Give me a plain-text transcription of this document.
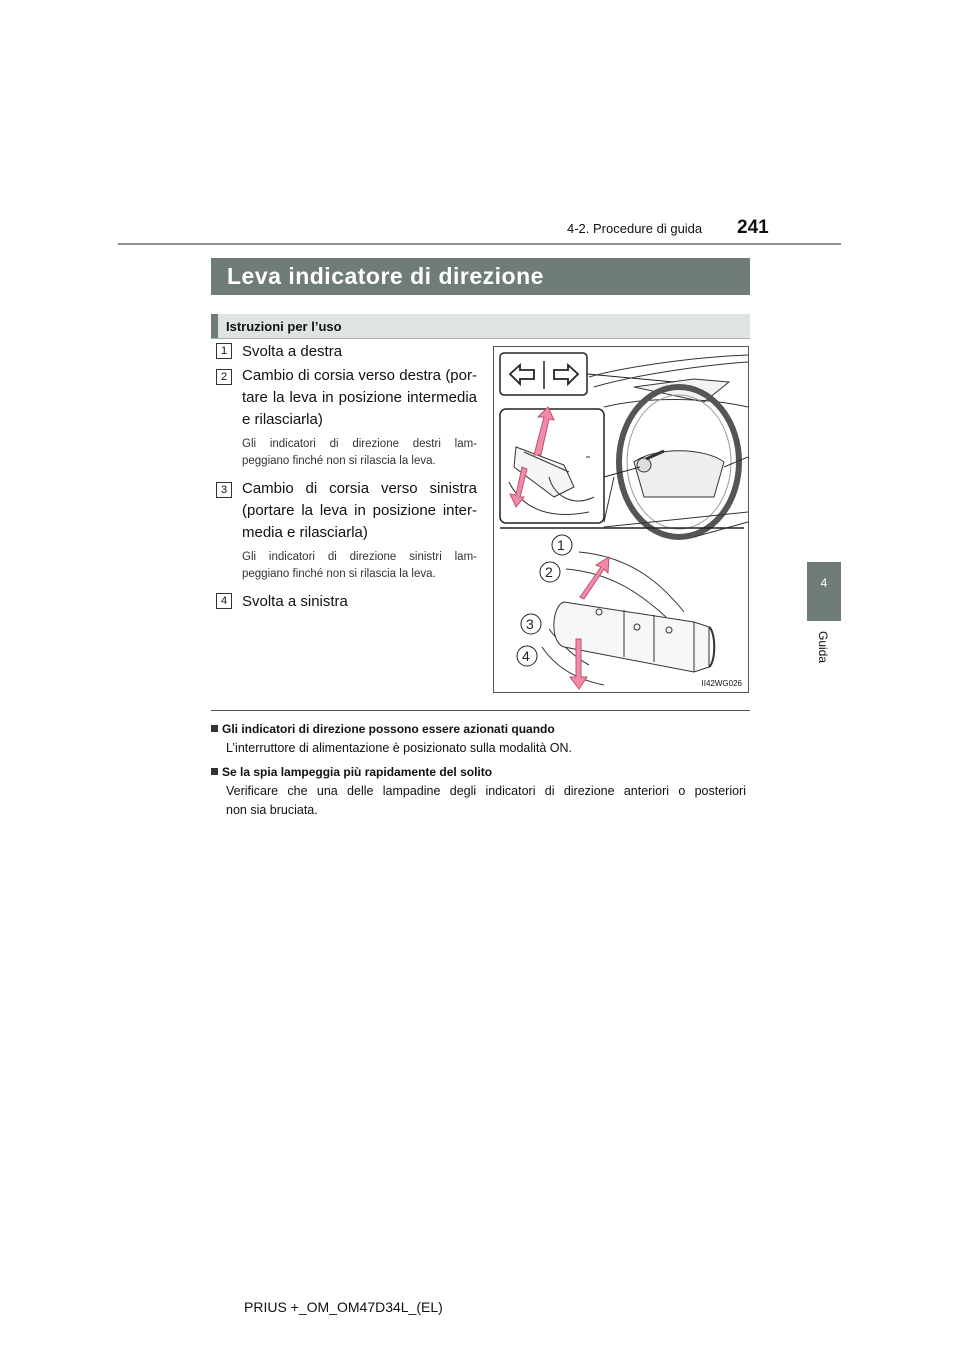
241
4-2. Procedure di guida
4
Guida
Leva indicatore di direzione
Istruzioni per l’uso
1 Svolta a destra
2 Cambio di corsia verso destra (por-
tare la leva in posizione intermedia
e rilasciarla)
Gli indicatori di direzione destri lam-
peggiano finché non si rilascia la leva.
3 Cambio di corsia verso sinistra
(portare la leva in posizione inter-
media e rilasciarla)
Gli indicatori di direzione sinistri lam-
peggiano finché non si rilascia la leva.
4 Svolta a sinistra
1
2
3
4
II42WG026
Gli indicatori di direzione possono essere azionati quando
L’interruttore di alimentazione è posizionato sulla modalità ON.
Se la spia lampeggia più rapidamente del solito
Verificare che una delle lampadine degli indicatori di direzione anteriori o posteriori
non sia bruciata.
PRIUS +_OM_OM47D34L_(EL)
